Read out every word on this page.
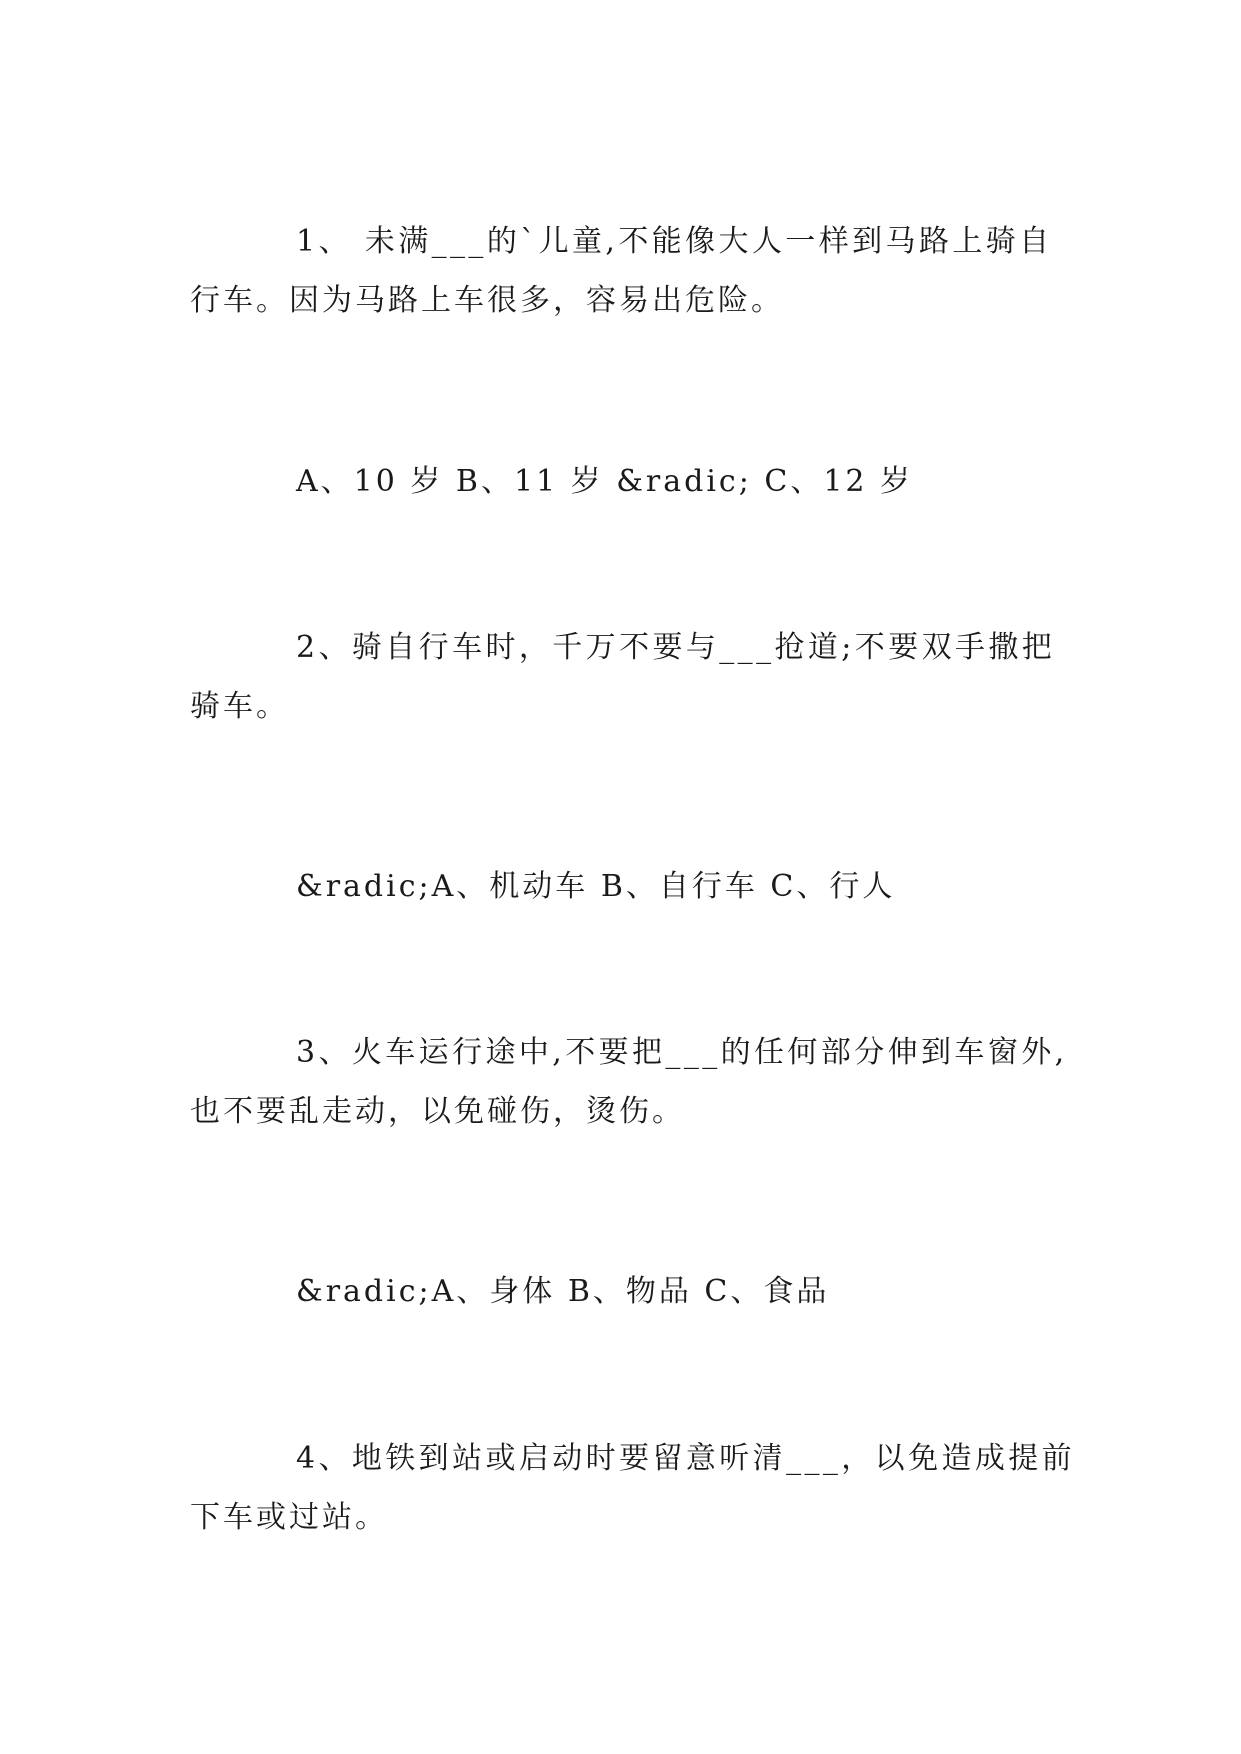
1、 未满___的`儿童,不能像大人一样到马路上骑自
行车。因为马路上车很多，容易出危险。
A、10 岁 B、11 岁 &radic; C、12 岁
2、骑自行车时，千万不要与___抢道;不要双手撒把
骑车。
&radic;A、机动车 B、自行车 C、行人
3、火车运行途中,不要把___的任何部分伸到车窗外,
也不要乱走动，以免碰伤，烫伤。
&radic;A、身体 B、物品 C、食品
4、地铁到站或启动时要留意听清___，以免造成提前
下车或过站。
